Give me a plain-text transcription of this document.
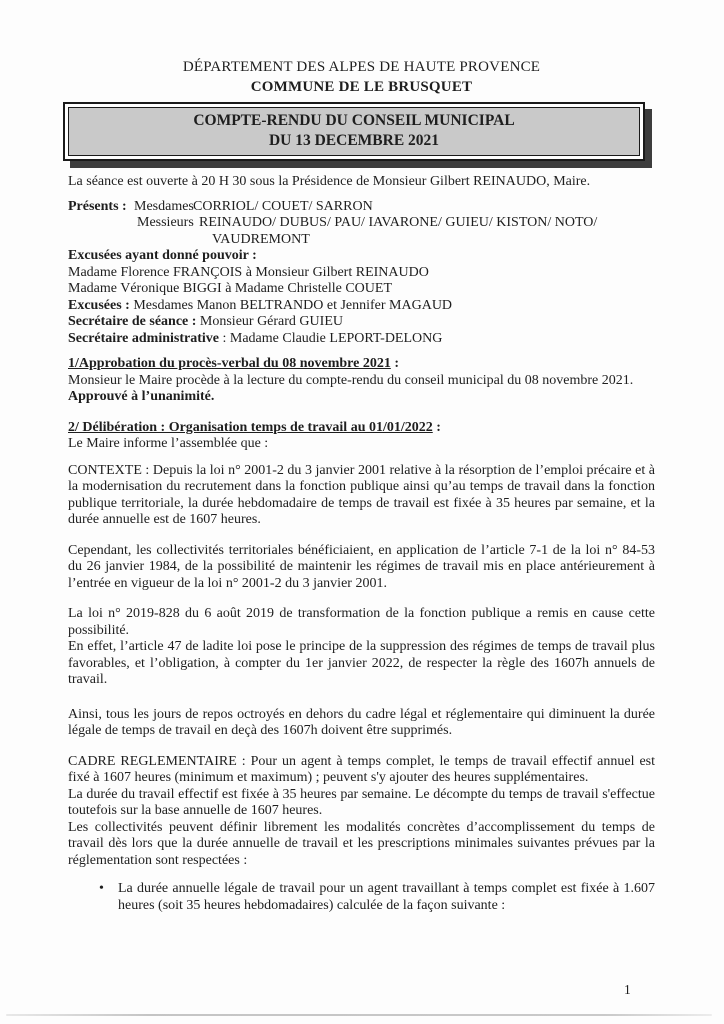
DÉPARTEMENT DES ALPES DE HAUTE PROVENCE
COMMUNE DE LE BRUSQUET
COMPTE-RENDU DU CONSEIL MUNICIPAL
DU 13 DECEMBRE 2021

La séance est ouverte à 20 H 30 sous la Présidence de Monsieur Gilbert REINAUDO, Maire.

Présents : Mesdames CORRIOL/ COUET/ SARRON
Messieurs REINAUDO/ DUBUS/ PAU/ IAVARONE/ GUIEU/ KISTON/ NOTO/
VAUDREMONT
Excusées ayant donné pouvoir :
Madame Florence FRANÇOIS à Monsieur Gilbert REINAUDO
Madame Véronique BIGGI à Madame Christelle COUET
Excusées : Mesdames Manon BELTRANDO et Jennifer MAGAUD
Secrétaire de séance : Monsieur Gérard GUIEU
Secrétaire administrative : Madame Claudie LEPORT-DELONG
1/Approbation du procès-verbal du 08 novembre 2021 :

Monsieur le Maire procède à la lecture du compte-rendu du conseil municipal du 08 novembre 2021.

Approuvé à l’unanimité.

2/ Délibération : Organisation temps de travail au 01/01/2022 :

Le Maire informe l’assemblée que :

CONTEXTE : Depuis la loi n° 2001-2 du 3 janvier 2001 relative à la résorption de l’emploi précaire et à la modernisation du recrutement dans la fonction publique ainsi qu’au temps de travail dans la fonction publique territoriale, la durée hebdomadaire de temps de travail est fixée à 35 heures par semaine, et la durée annuelle est de 1607 heures.

Cependant, les collectivités territoriales bénéficiaient, en application de l’article 7-1 de la loi n° 84-53 du 26 janvier 1984, de la possibilité de maintenir les régimes de travail mis en place antérieurement à l’entrée en vigueur de la loi n° 2001-2 du 3 janvier 2001.

La loi n° 2019-828 du 6 août 2019 de transformation de la fonction publique a remis en cause cette possibilité.

En effet, l’article 47 de ladite loi pose le principe de la suppression des régimes de temps de travail plus favorables, et l’obligation, à compter du 1er janvier 2022, de respecter la règle des 1607h annuels de travail.

Ainsi, tous les jours de repos octroyés en dehors du cadre légal et réglementaire qui diminuent la durée légale de temps de travail en deçà des 1607h doivent être supprimés.

CADRE REGLEMENTAIRE : Pour un agent à temps complet, le temps de travail effectif annuel est fixé à 1607 heures (minimum et maximum) ; peuvent s'y ajouter des heures supplémentaires.

La durée du travail effectif est fixée à 35 heures par semaine. Le décompte du temps de travail s'effectue toutefois sur la base annuelle de 1607 heures.

Les collectivités peuvent définir librement les modalités concrètes d’accomplissement du temps de travail dès lors que la durée annuelle de travail et les prescriptions minimales suivantes prévues par la réglementation sont respectées :

•	La durée annuelle légale de travail pour un agent travaillant à temps complet est fixée à 1.607 heures (soit 35 heures hebdomadaires) calculée de la façon suivante :
1
